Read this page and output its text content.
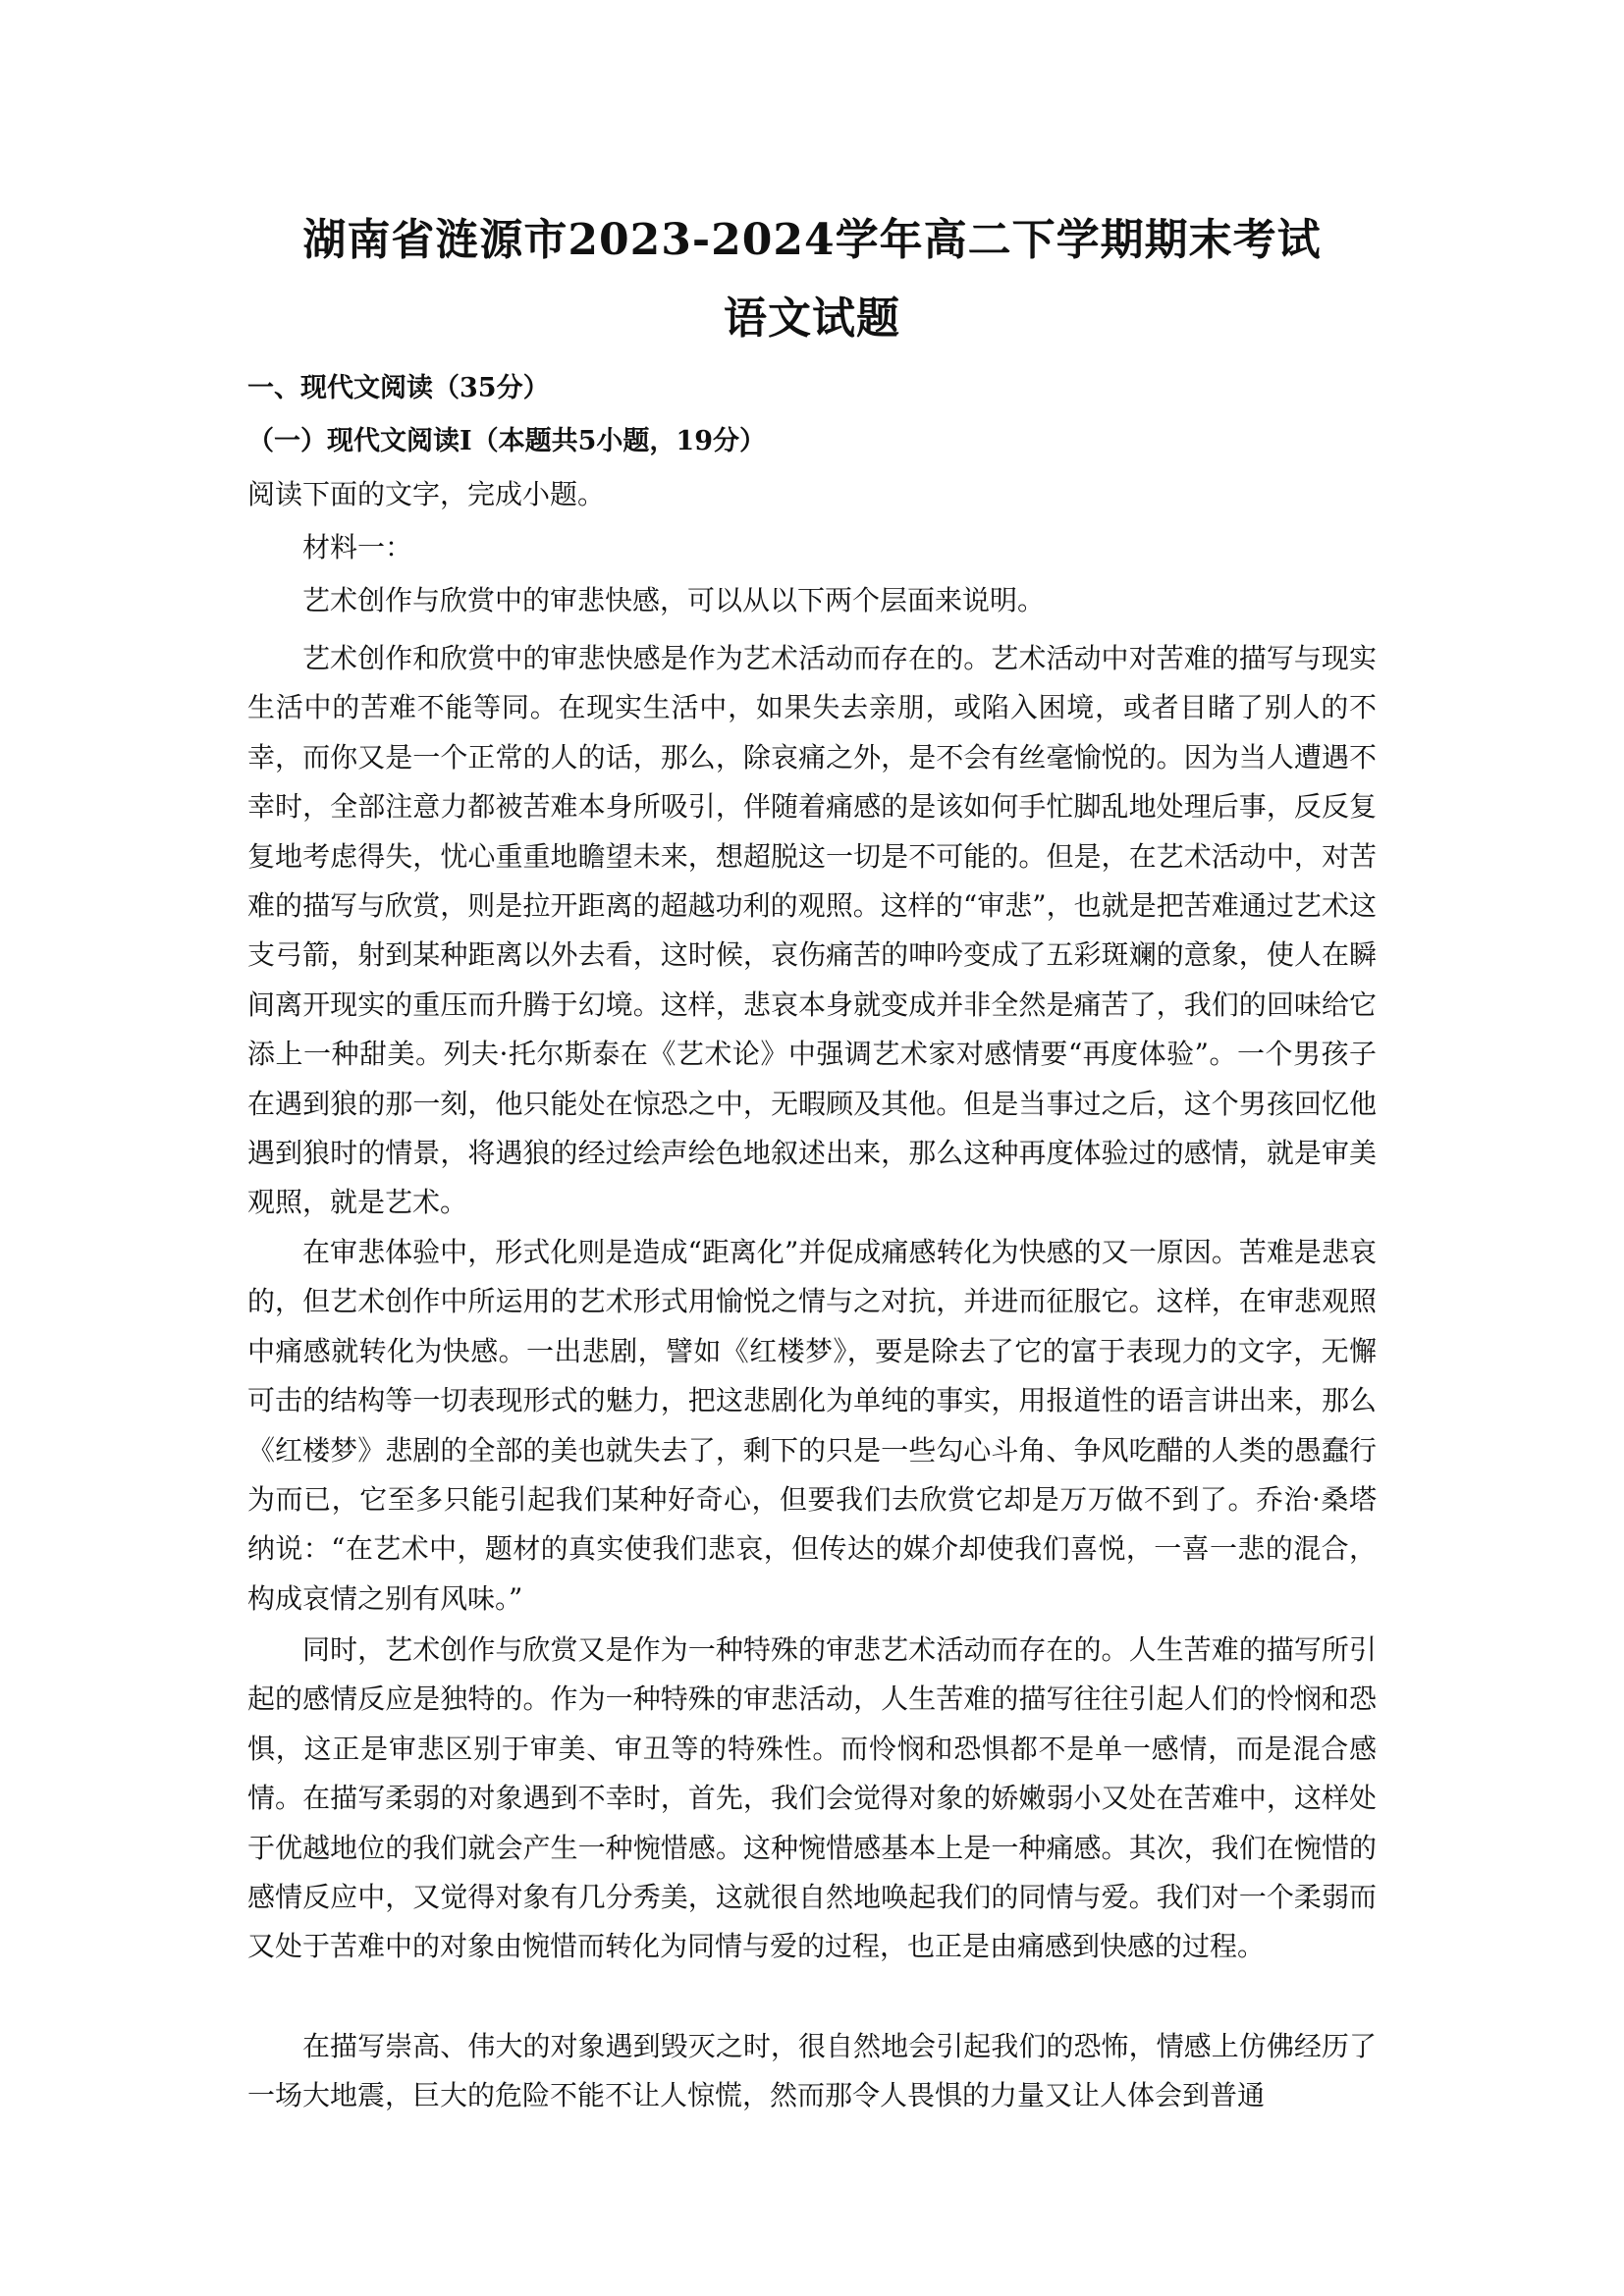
湖南省涟源市2023-2024学年高二下学期期末考试
语文试题

一、现代文阅读（35分）

（一）现代文阅读Ⅰ（本题共5小题，19分）

阅读下面的文字，完成小题。

材料一：

艺术创作与欣赏中的审悲快感，可以从以下两个层面来说明。

艺术创作和欣赏中的审悲快感是作为艺术活动而存在的。艺术活动中对苦难的描写与现实生活中的苦难不能等同。在现实生活中，如果失去亲朋，或陷入困境，或者目睹了别人的不幸，而你又是一个正常的人的话，那么，除哀痛之外，是不会有丝毫愉悦的。因为当人遭遇不幸时，全部注意力都被苦难本身所吸引，伴随着痛感的是该如何手忙脚乱地处理后事，反反复复地考虑得失，忧心重重地瞻望未来，想超脱这一切是不可能的。但是，在艺术活动中，对苦难的描写与欣赏，则是拉开距离的超越功利的观照。这样的“审悲”，也就是把苦难通过艺术这支弓箭，射到某种距离以外去看，这时候，哀伤痛苦的呻吟变成了五彩斑斓的意象，使人在瞬间离开现实的重压而升腾于幻境。这样，悲哀本身就变成并非全然是痛苦了，我们的回味给它添上一种甜美。列夫·托尔斯泰在《艺术论》中强调艺术家对感情要“再度体验”。一个男孩子在遇到狼的那一刻，他只能处在惊恐之中，无暇顾及其他。但是当事过之后，这个男孩回忆他遇到狼时的情景，将遇狼的经过绘声绘色地叙述出来，那么这种再度体验过的感情，就是审美观照，就是艺术。

在审悲体验中，形式化则是造成“距离化”并促成痛感转化为快感的又一原因。苦难是悲哀的，但艺术创作中所运用的艺术形式用愉悦之情与之对抗，并进而征服它。这样，在审悲观照中痛感就转化为快感。一出悲剧，譬如《红楼梦》，要是除去了它的富于表现力的文字，无懈可击的结构等一切表现形式的魅力，把这悲剧化为单纯的事实，用报道性的语言讲出来，那么《红楼梦》悲剧的全部的美也就失去了，剩下的只是一些勾心斗角、争风吃醋的人类的愚蠢行为而已，它至多只能引起我们某种好奇心，但要我们去欣赏它却是万万做不到了。乔治·桑塔纳说：“在艺术中，题材的真实使我们悲哀，但传达的媒介却使我们喜悦，一喜一悲的混合，构成哀情之别有风味。”

同时，艺术创作与欣赏又是作为一种特殊的审悲艺术活动而存在的。人生苦难的描写所引起的感情反应是独特的。作为一种特殊的审悲活动，人生苦难的描写往往引起人们的怜悯和恐惧，这正是审悲区别于审美、审丑等的特殊性。而怜悯和恐惧都不是单一感情，而是混合感情。在描写柔弱的对象遇到不幸时，首先，我们会觉得对象的娇嫩弱小又处在苦难中，这样处于优越地位的我们就会产生一种惋惜感。这种惋惜感基本上是一种痛感。其次，我们在惋惜的感情反应中，又觉得对象有几分秀美，这就很自然地唤起我们的同情与爱。我们对一个柔弱而又处于苦难中的对象由惋惜而转化为同情与爱的过程，也正是由痛感到快感的过程。

在描写崇高、伟大的对象遇到毁灭之时，很自然地会引起我们的恐怖，情感上仿佛经历了一场大地震，巨大的危险不能不让人惊慌，然而那令人畏惧的力量又让人体会到普通
